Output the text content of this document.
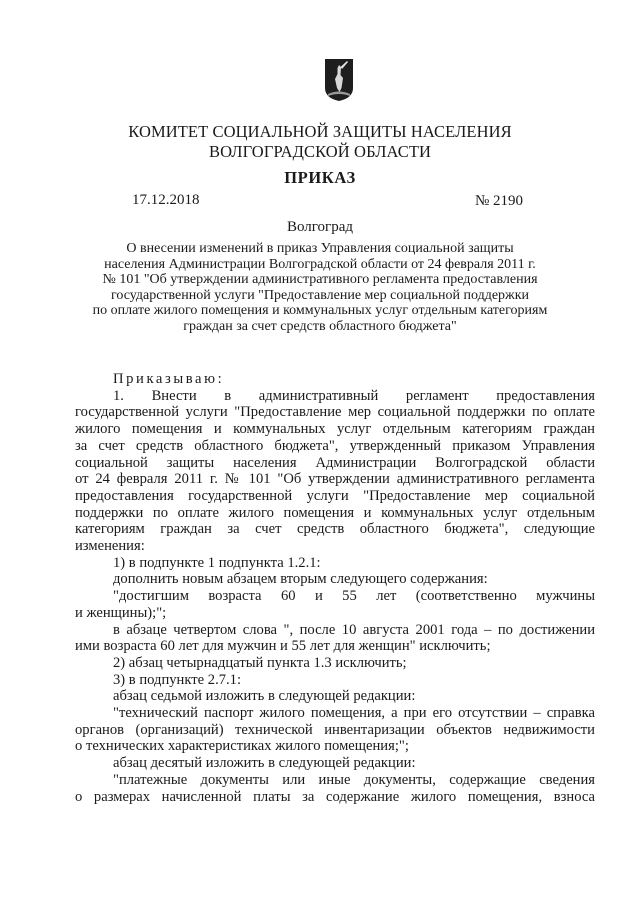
КОМИТЕТ СОЦИАЛЬНОЙ ЗАЩИТЫ НАСЕЛЕНИЯ
ВОЛГОГРАДСКОЙ ОБЛАСТИ
ПРИКАЗ
17.12.2018	№ 2190
Волгоград
О внесении изменений в приказ Управления социальной защиты
населения Администрации Волгоградской области от 24 февраля 2011 г.
№ 101 "Об утверждении административного регламента предоставления
государственной услуги "Предоставление мер социальной поддержки
по оплате жилого помещения и коммунальных услуг отдельным категориям
граждан за счет средств областного бюджета"
Приказываю:
1. Внести в административный регламент предоставления
государственной услуги "Предоставление мер социальной поддержки по оплате
жилого помещения и коммунальных услуг отдельным категориям граждан
за счет средств областного бюджета", утвержденный приказом Управления
социальной защиты населения Администрации Волгоградской области
от 24 февраля 2011 г. № 101 "Об утверждении административного регламента
предоставления государственной услуги "Предоставление мер социальной
поддержки по оплате жилого помещения и коммунальных услуг отдельным
категориям граждан за счет средств областного бюджета", следующие
изменения:
1) в подпункте 1 подпункта 1.2.1:
дополнить новым абзацем вторым следующего содержания:
"достигшим возраста 60 и 55 лет (соответственно мужчины
и женщины);";
в абзаце четвертом слова ", после 10 августа 2001 года – по достижении
ими возраста 60 лет для мужчин и 55 лет для женщин" исключить;
2) абзац четырнадцатый пункта 1.3 исключить;
3) в подпункте 2.7.1:
абзац седьмой изложить в следующей редакции:
"технический паспорт жилого помещения, а при его отсутствии – справка
органов (организаций) технической инвентаризации объектов недвижимости
о технических характеристиках жилого помещения;";
абзац десятый изложить в следующей редакции:
"платежные документы или иные документы, содержащие сведения
о размерах начисленной платы за содержание жилого помещения, взноса
